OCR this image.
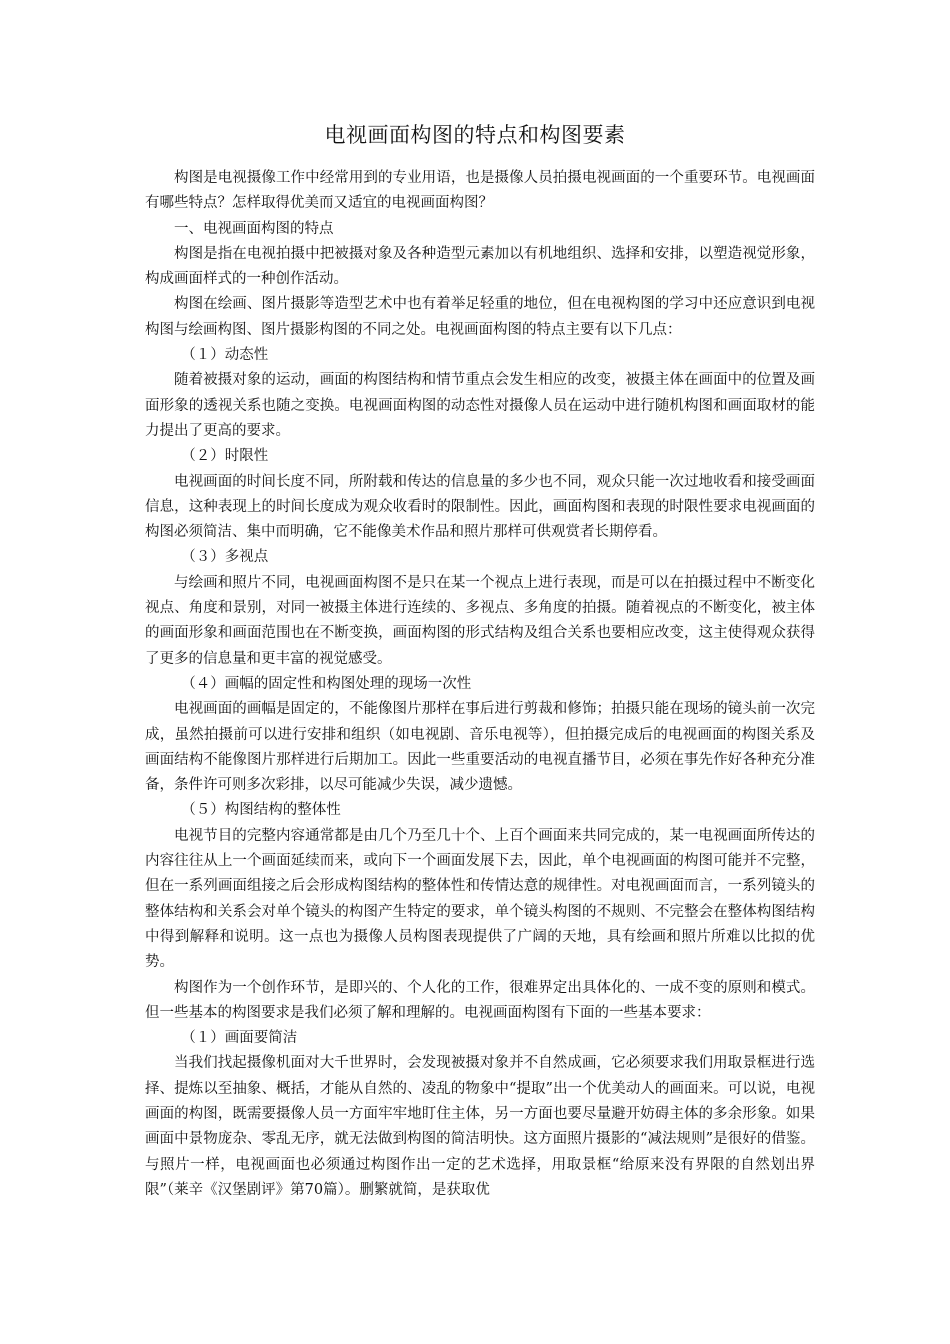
电视画面构图的特点和构图要素

构图是电视摄像工作中经常用到的专业用语，也是摄像人员拍摄电视画面的一个重要环节。电视画面有哪些特点？怎样取得优美而又适宜的电视画面构图？

一、电视画面构图的特点

构图是指在电视拍摄中把被摄对象及各种造型元素加以有机地组织、选择和安排，以塑造视觉形象，构成画面样式的一种创作活动。

构图在绘画、图片摄影等造型艺术中也有着举足轻重的地位，但在电视构图的学习中还应意识到电视构图与绘画构图、图片摄影构图的不同之处。电视画面构图的特点主要有以下几点：

（１）动态性

随着被摄对象的运动，画面的构图结构和情节重点会发生相应的改变，被摄主体在画面中的位置及画面形象的透视关系也随之变换。电视画面构图的动态性对摄像人员在运动中进行随机构图和画面取材的能力提出了更高的要求。

（２）时限性

电视画面的时间长度不同，所附载和传达的信息量的多少也不同，观众只能一次过地收看和接受画面信息，这种表现上的时间长度成为观众收看时的限制性。因此，画面构图和表现的时限性要求电视画面的构图必须简洁、集中而明确，它不能像美术作品和照片那样可供观赏者长期停看。

（３）多视点

与绘画和照片不同，电视画面构图不是只在某一个视点上进行表现，而是可以在拍摄过程中不断变化视点、角度和景别，对同一被摄主体进行连续的、多视点、多角度的拍摄。随着视点的不断变化，被主体的画面形象和画面范围也在不断变换，画面构图的形式结构及组合关系也要相应改变，这主使得观众获得了更多的信息量和更丰富的视觉感受。

（４）画幅的固定性和构图处理的现场一次性

电视画面的画幅是固定的，不能像图片那样在事后进行剪裁和修饰；拍摄只能在现场的镜头前一次完成，虽然拍摄前可以进行安排和组织（如电视剧、音乐电视等），但拍摄完成后的电视画面的构图关系及画面结构不能像图片那样进行后期加工。因此一些重要活动的电视直播节目，必须在事先作好各种充分准备，条件许可则多次彩排，以尽可能减少失误，减少遗憾。

（５）构图结构的整体性

电视节目的完整内容通常都是由几个乃至几十个、上百个画面来共同完成的，某一电视画面所传达的内容往往从上一个画面延续而来，或向下一个画面发展下去，因此，单个电视画面的构图可能并不完整，但在一系列画面组接之后会形成构图结构的整体性和传情达意的规律性。对电视画面而言，一系列镜头的整体结构和关系会对单个镜头的构图产生特定的要求，单个镜头构图的不规则、不完整会在整体构图结构中得到解释和说明。这一点也为摄像人员构图表现提供了广阔的天地，具有绘画和照片所难以比拟的优势。

构图作为一个创作环节，是即兴的、个人化的工作，很难界定出具体化的、一成不变的原则和模式。但一些基本的构图要求是我们必须了解和理解的。电视画面构图有下面的一些基本要求：

（１）画面要简洁

当我们找起摄像机面对大千世界时，会发现被摄对象并不自然成画，它必须要求我们用取景框进行选择、提炼以至抽象、概括，才能从自然的、凌乱的物象中“提取”出一个优美动人的画面来。可以说，电视画面的构图，既需要摄像人员一方面牢牢地盯住主体，另一方面也要尽量避开妨碍主体的多余形象。如果画面中景物庞杂、零乱无序，就无法做到构图的简洁明快。这方面照片摄影的“减法规则”是很好的借鉴。与照片一样，电视画面也必须通过构图作出一定的艺术选择，用取景框“给原来没有界限的自然划出界限”（莱辛《汉堡剧评》第70篇）。删繁就简，是获取优
